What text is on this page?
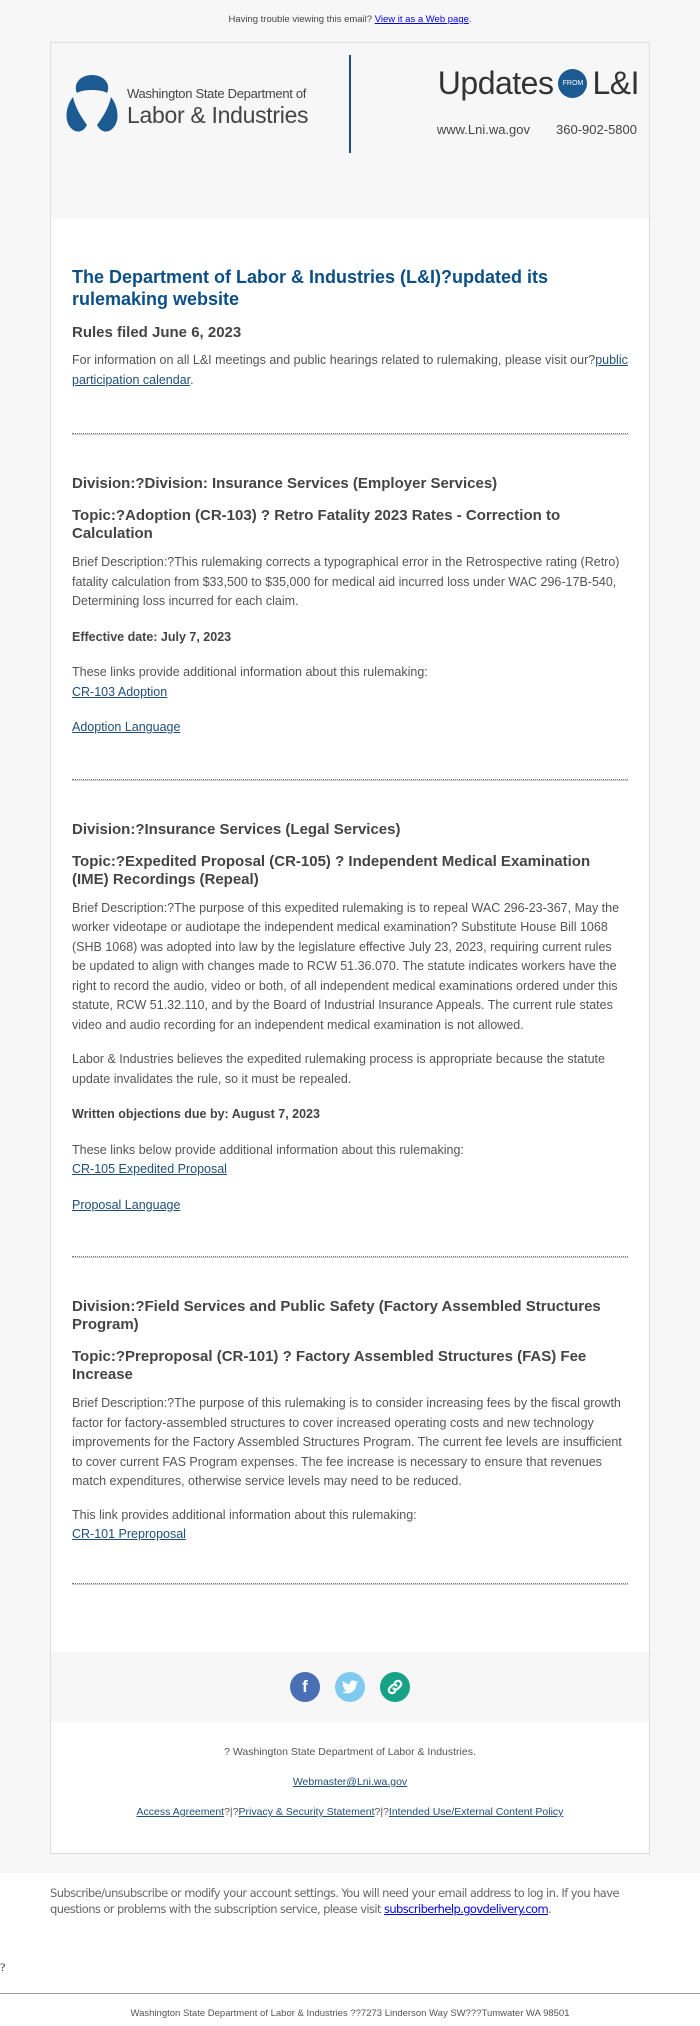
Having trouble viewing this email? View it as a Web page.
Washington State Department of
Labor & Industries
Updates	FROM L&I
www.Lni.wa.gov 360-902-5800
The Department of Labor & Industries (L&I)?updated its rulemaking website
Rules filed June 6, 2023

For information on all L&I meetings and public hearings related to rulemaking, please visit our?public participation calendar.

Division:?Division: Insurance Services (Employer Services)
Topic:?Adoption (CR-103) ? Retro Fatality 2023 Rates - Correction to Calculation

Brief Description:?This rulemaking corrects a typographical error in the Retrospective rating (Retro) fatality calculation from $33,500 to $35,000 for medical aid incurred loss under WAC 296-17B-540, Determining loss incurred for each claim.

Effective date: July 7, 2023

These links provide additional information about this rulemaking:

CR-103 Adoption

Adoption Language

Division:?Insurance Services (Legal Services)
Topic:?Expedited Proposal (CR-105) ? Independent Medical Examination (IME) Recordings (Repeal)

Brief Description:?The purpose of this expedited rulemaking is to repeal WAC 296-23-367, May the worker videotape or audiotape the independent medical examination? Substitute House Bill 1068 (SHB 1068) was adopted into law by the legislature effective July 23, 2023, requiring current rules be updated to align with changes made to RCW 51.36.070. The statute indicates workers have the right to record the audio, video or both, of all independent medical examinations ordered under this statute, RCW 51.32.110, and by the Board of Industrial Insurance Appeals. The current rule states video and audio recording for an independent medical examination is not allowed.

Labor & Industries believes the expedited rulemaking process is appropriate because the statute update invalidates the rule, so it must be repealed.

Written objections due by: August 7, 2023

These links below provide additional information about this rulemaking:

CR-105 Expedited Proposal

Proposal Language

Division:?Field Services and Public Safety (Factory Assembled Structures Program)
Topic:?Preproposal (CR-101) ? Factory Assembled Structures (FAS) Fee Increase

Brief Description:?The purpose of this rulemaking is to consider increasing fees by the fiscal growth factor for factory-assembled structures to cover increased operating costs and new technology improvements for the Factory Assembled Structures Program. The current fee levels are insufficient to cover current FAS Program expenses. The fee increase is necessary to ensure that revenues match expenditures, otherwise service levels may need to be reduced.

This link provides additional information about this rulemaking:

CR-101 Preproposal

f
? Washington State Department of Labor & Industries.
Webmaster@Lni.wa.gov
Access Agreement?|?Privacy & Security Statement?|?Intended Use/External Content Policy
Subscribe/unsubscribe or modify your account settings. You will need your email address to log in. If you have questions or problems with the subscription service, please visit subscriberhelp.govdelivery.com.
?
Washington State Department of Labor & Industries ??7273 Linderson Way SW???Tumwater WA 98501
